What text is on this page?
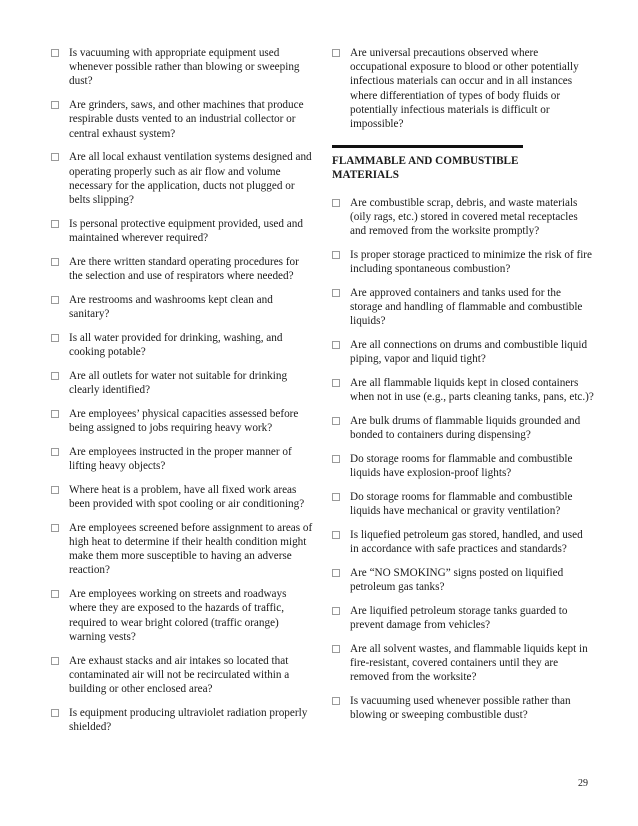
Is vacuuming with appropriate equipment used whenever possible rather than blowing or sweeping dust?
Are grinders, saws, and other machines that produce respirable dusts vented to an industrial collector or central exhaust system?
Are all local exhaust ventilation systems designed and operating properly such as air flow and volume necessary for the application, ducts not plugged or belts slipping?
Is personal protective equipment provided, used and maintained wherever required?
Are there written standard operating procedures for the selection and use of respirators where needed?
Are restrooms and washrooms kept clean and sanitary?
Is all water provided for drinking, washing, and cooking potable?
Are all outlets for water not suitable for drinking clearly identified?
Are employees’ physical capacities assessed before being assigned to jobs requiring heavy work?
Are employees instructed in the proper manner of lifting heavy objects?
Where heat is a problem, have all fixed work areas been provided with spot cooling or air conditioning?
Are employees screened before assignment to areas of high heat to determine if their health condition might make them more susceptible to having an adverse reaction?
Are employees working on streets and roadways where they are exposed to the hazards of traffic, required to wear bright colored (traffic orange) warning vests?
Are exhaust stacks and air intakes so located that contaminated air will not be recirculated within a building or other enclosed area?
Is equipment producing ultraviolet radiation properly shielded?
Are universal precautions observed where occupational exposure to blood or other potentially infectious materials can occur and in all instances where differentiation of types of body fluids or potentially infectious materials is difficult or impossible?
FLAMMABLE AND COMBUSTIBLE MATERIALS
Are combustible scrap, debris, and waste materials (oily rags, etc.) stored in covered metal receptacles and removed from the worksite promptly?
Is proper storage practiced to minimize the risk of fire including spontaneous combustion?
Are approved containers and tanks used for the storage and handling of flammable and combustible liquids?
Are all connections on drums and combustible liquid piping, vapor and liquid tight?
Are all flammable liquids kept in closed containers when not in use (e.g., parts cleaning tanks, pans, etc.)?
Are bulk drums of flammable liquids grounded and bonded to containers during dispensing?
Do storage rooms for flammable and combustible liquids have explosion-proof lights?
Do storage rooms for flammable and combustible liquids have mechanical or gravity ventilation?
Is liquefied petroleum gas stored, handled, and used in accordance with safe practices and standards?
Are “NO SMOKING” signs posted on liquified petroleum gas tanks?
Are liquified petroleum storage tanks guarded to prevent damage from vehicles?
Are all solvent wastes, and flammable liquids kept in fire-resistant, covered containers until they are removed from the worksite?
Is vacuuming used whenever possible rather than blowing or sweeping combustible dust?
29
